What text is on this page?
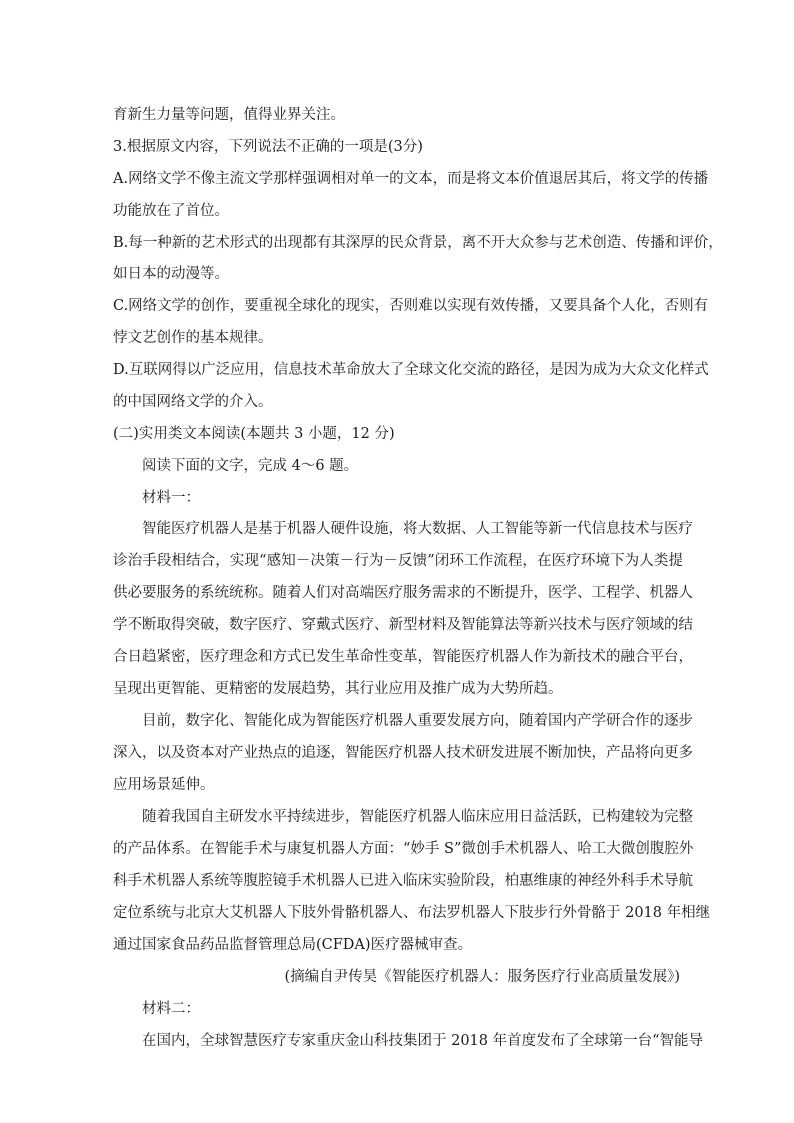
育新生力量等问题，值得业界关注。
3.根据原文内容，下列说法不正确的一项是(3分)
A.网络文学不像主流文学那样强调相对单一的文本，而是将文本价值退居其后，将文学的传播
功能放在了首位。
B.每一种新的艺术形式的出现都有其深厚的民众背景，离不开大众参与艺术创造、传播和评价，
如日本的动漫等。
C.网络文学的创作，要重视全球化的现实，否则难以实现有效传播，又要具备个人化，否则有
悖文艺创作的基本规律。
D.互联网得以广泛应用，信息技术革命放大了全球文化交流的路径，是因为成为大众文化样式
的中国网络文学的介入。
(二)实用类文本阅读(本题共 3 小题，12 分)
阅读下面的文字，完成 4～6 题。
材料一：
智能医疗机器人是基于机器人硬件设施，将大数据、人工智能等新一代信息技术与医疗
诊治手段相结合，实现“感知－决策－行为－反馈”闭环工作流程，在医疗环境下为人类提
供必要服务的系统统称。随着人们对高端医疗服务需求的不断提升，医学、工程学、机器人
学不断取得突破，数字医疗、穿戴式医疗、新型材料及智能算法等新兴技术与医疗领域的结
合日趋紧密，医疗理念和方式已发生革命性变革，智能医疗机器人作为新技术的融合平台，
呈现出更智能、更精密的发展趋势，其行业应用及推广成为大势所趋。
目前，数字化、智能化成为智能医疗机器人重要发展方向，随着国内产学研合作的逐步
深入，以及资本对产业热点的追逐，智能医疗机器人技术研发进展不断加快，产品将向更多
应用场景延伸。
随着我国自主研发水平持续进步，智能医疗机器人临床应用日益活跃，已构建较为完整
的产品体系。在智能手术与康复机器人方面：“妙手 S”微创手术机器人、哈工大微创腹腔外
科手术机器人系统等腹腔镜手术机器人已进入临床实验阶段，柏惠维康的神经外科手术导航
定位系统与北京大艾机器人下肢外骨骼机器人、布法罗机器人下肢步行外骨骼于 2018 年相继
通过国家食品药品监督管理总局(CFDA)医疗器械审查。
(摘编自尹传昊《智能医疗机器人：服务医疗行业高质量发展》)
材料二：
在国内，全球智慧医疗专家重庆金山科技集团于 2018 年首度发布了全球第一台“智能导
